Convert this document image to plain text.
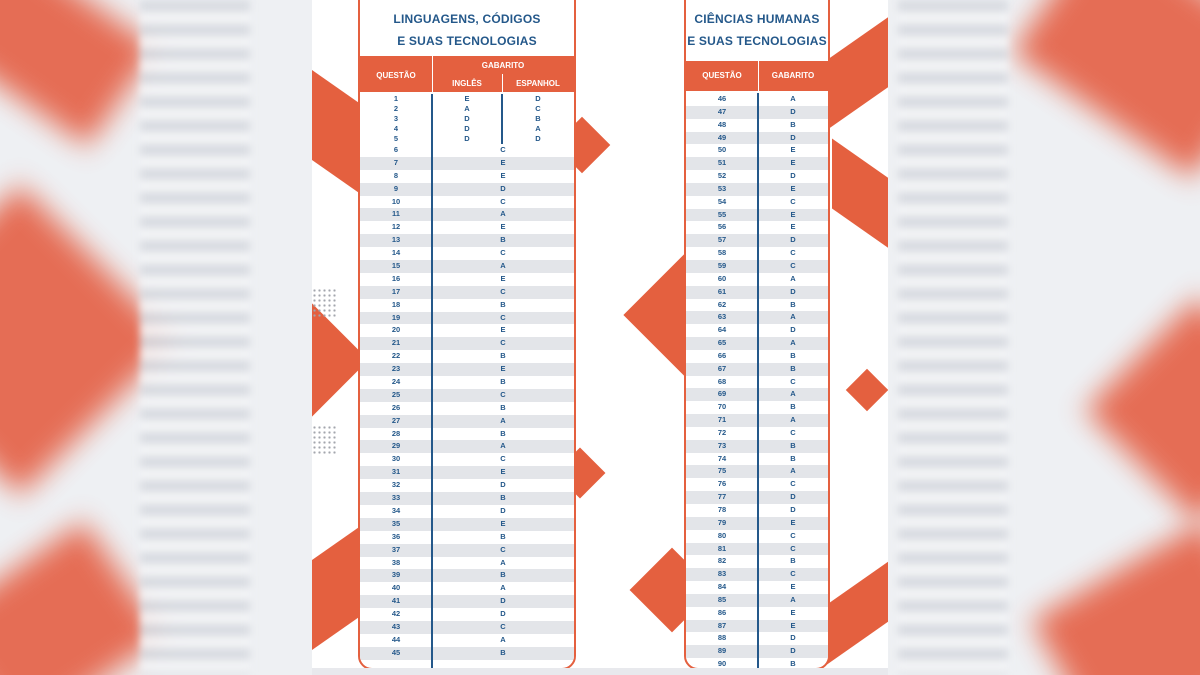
LINGUAGENS, CÓDIGOS
E SUAS TECNOLOGIAS
QUESTÃO
GABARITO
INGLÊS	ESPANHOL
1	E	D
2	A	C
3	D	B
4	D	A
5	D	D
6	C
7	E
8	E
9	D
10	C
11	A
12	E
13	B
14	C
15	A
16	E
17	C
18	B
19	C
20	E
21	C
22	B
23	E
24	B
25	C
26	B
27	A
28	B
29	A
30	C
31	E
32	D
33	B
34	D
35	E
36	B
37	C
38	A
39	B
40	A
41	D
42	D
43	C
44	A
45	B
CIÊNCIAS HUMANAS
E SUAS TECNOLOGIAS
QUESTÃO	GABARITO
46	A
47	D
48	B
49	D
50	E
51	E
52	D
53	E
54	C
55	E
56	E
57	D
58	C
59	C
60	A
61	D
62	B
63	A
64	D
65	A
66	B
67	B
68	C
69	A
70	B
71	A
72	C
73	B
74	B
75	A
76	C
77	D
78	D
79	E
80	C
81	C
82	B
83	C
84	E
85	A
86	E
87	E
88	D
89	D
90	B
